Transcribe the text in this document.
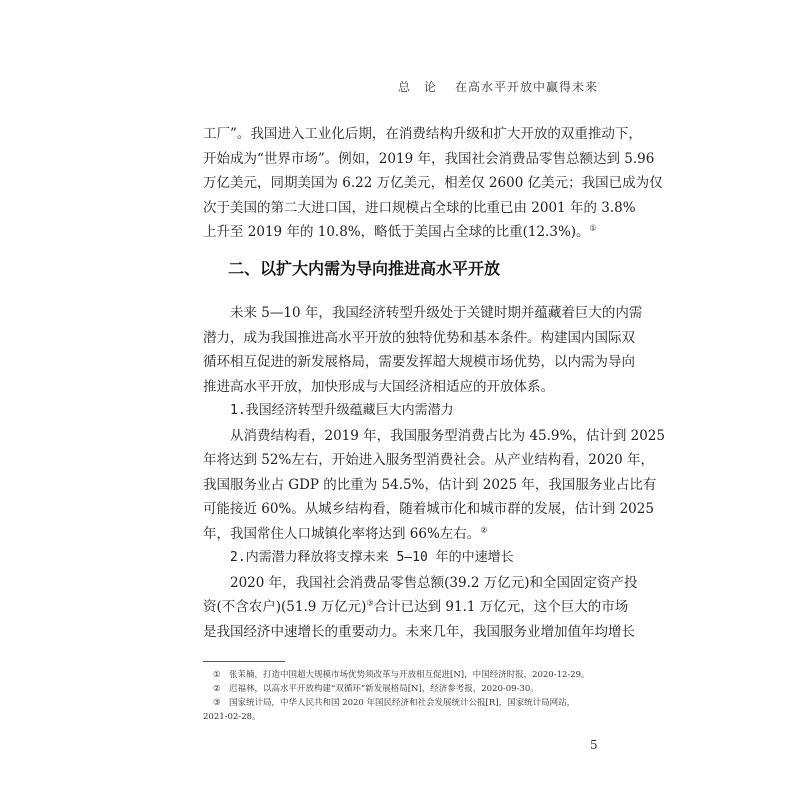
总　论 在高水平开放中赢得未来
工厂”。我国进入工业化后期，在消费结构升级和扩大开放的双重推动下，
开始成为“世界市场”。例如，2019 年，我国社会消费品零售总额达到 5.96
万亿美元，同期美国为 6.22 万亿美元，相差仅 2600 亿美元；我国已成为仅
次于美国的第二大进口国，进口规模占全球的比重已由 2001 年的 3.8%
上升至 2019 年的 10.8%，略低于美国占全球的比重(12.3%)。①
二、以扩大内需为导向推进高水平开放
未来 5—10 年，我国经济转型升级处于关键时期并蕴藏着巨大的内需
潜力，成为我国推进高水平开放的独特优势和基本条件。构建国内国际双
循环相互促进的新发展格局，需要发挥超大规模市场优势，以内需为导向
推进高水平开放，加快形成与大国经济相适应的开放体系。
1.我国经济转型升级蕴藏巨大内需潜力
从消费结构看，2019 年，我国服务型消费占比为 45.9%，估计到 2025
年将达到 52%左右，开始进入服务型消费社会。从产业结构看，2020 年，
我国服务业占 GDP 的比重为 54.5%，估计到 2025 年，我国服务业占比有
可能接近 60%。从城乡结构看，随着城市化和城市群的发展，估计到 2025
年，我国常住人口城镇化率将达到 66%左右。②
2.内需潜力释放将支撑未来 5—10 年的中速增长
2020 年，我国社会消费品零售总额(39.2 万亿元)和全国固定资产投
资(不含农户)(51.9 万亿元)③合计已达到 91.1 万亿元，这个巨大的市场
是我国经济中速增长的重要动力。未来几年，我国服务业增加值年均增长
① 张茉楠，打造中国超大规模市场优势须改革与开放相互促进[N]，中国经济时报，2020-12-29。
② 迟福林，以高水平开放构建“双循环”新发展格局[N]，经济参考报，2020-09-30。
③ 国家统计局，中华人民共和国 2020 年国民经济和社会发展统计公报[R]，国家统计局网站，
2021-02-28。
5
